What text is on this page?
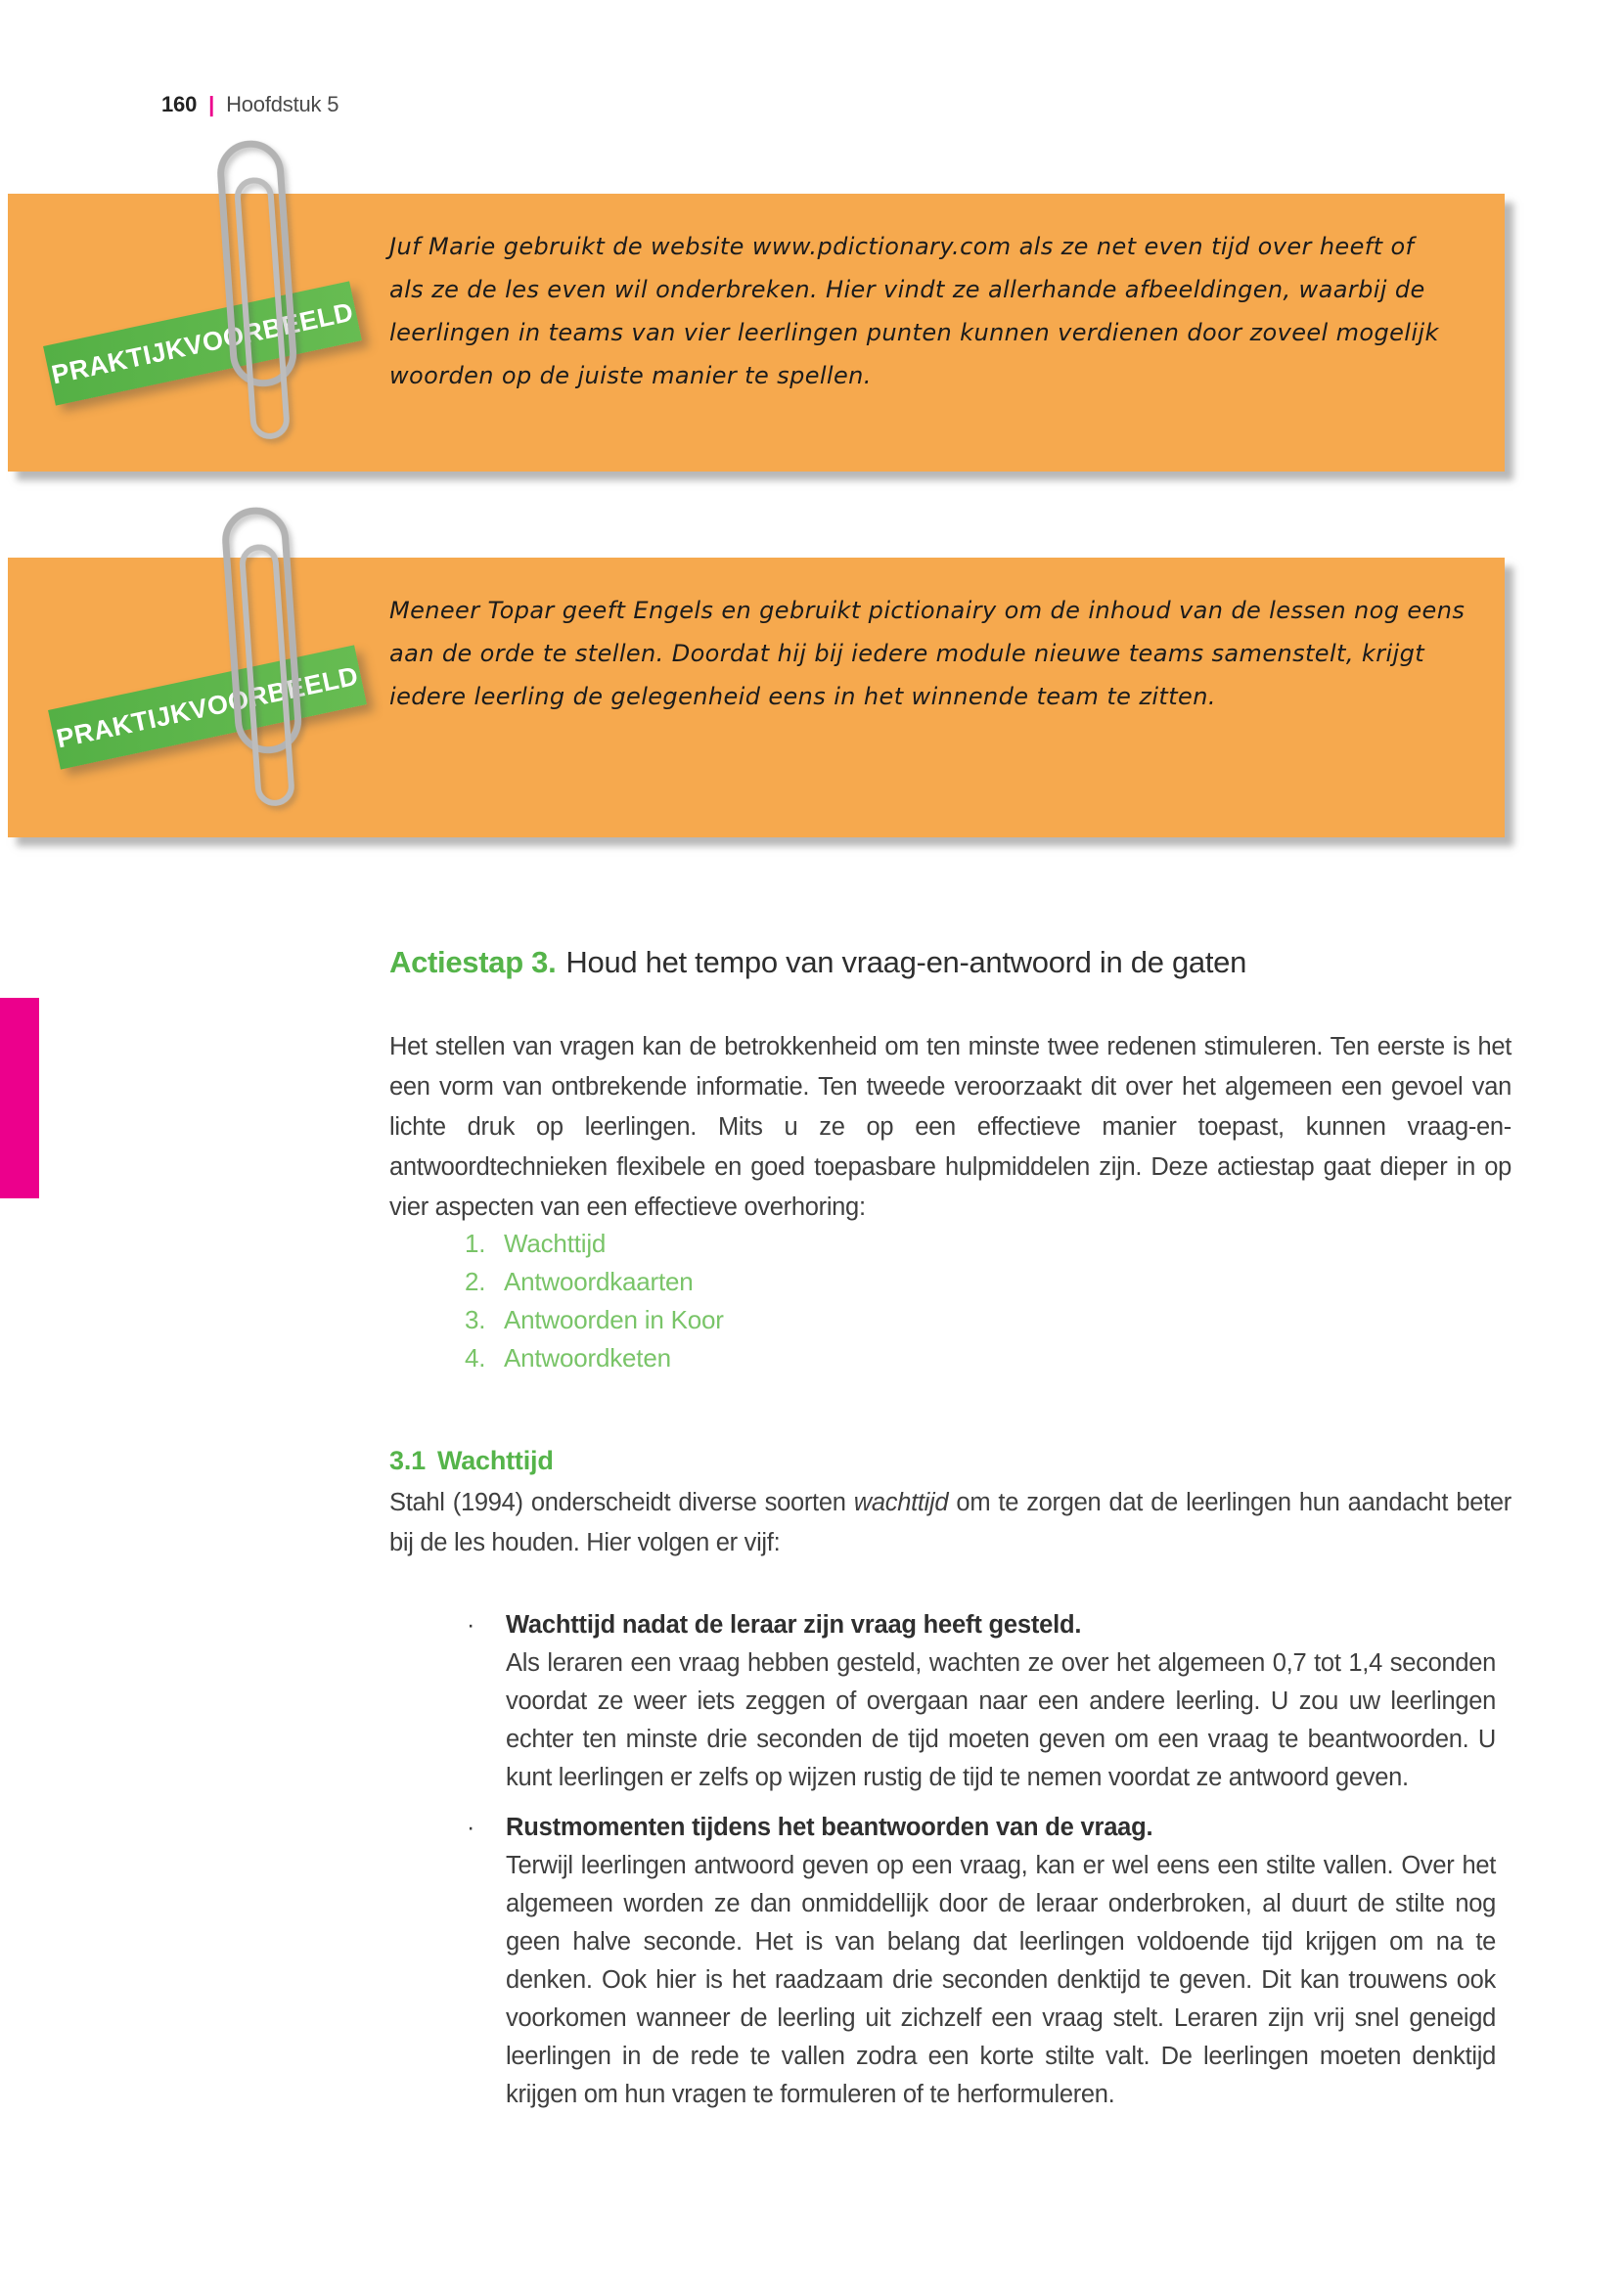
160 | Hoofdstuk 5
Juf Marie gebruikt de website www.pdictionary.com als ze net even tijd over heeft of
als ze de les even wil onderbreken. Hier vindt ze allerhande afbeeldingen, waarbij de
leerlingen in teams van vier leerlingen punten kunnen verdienen door zoveel mogelijk
woorden op de juiste manier te spellen.
Meneer Topar geeft Engels en gebruikt pictionairy om de inhoud van de lessen nog eens
aan de orde te stellen. Doordat hij bij iedere module nieuwe teams samenstelt, krijgt
iedere leerling de gelegenheid eens in het winnende team te zitten.
PRAKTIJKVOORBEELD
PRAKTIJKVOORBEELD
Actiestap 3. Houd het tempo van vraag-en-antwoord in de gaten

Het stellen van vragen kan de betrokkenheid om ten minste twee redenen stimuleren. Ten eerste is het een vorm van ontbrekende informatie. Ten tweede veroorzaakt dit over het algemeen een gevoel van lichte druk op leerlingen. Mits u ze op een effectieve manier toepast, kunnen vraag-en-antwoordtechnieken flexibele en goed toepasbare hulpmiddelen zijn. Deze actiestap gaat dieper in op vier aspecten van een effectieve overhoring:

1. Wachttijd
2. Antwoordkaarten
3. Antwoorden in Koor
4. Antwoordketen
3.1 Wachttijd

Stahl (1994) onderscheidt diverse soorten wachttijd om te zorgen dat de leerlingen hun aandacht beter bij de les houden. Hier volgen er vijf:

· Wachttijd nadat de leraar zijn vraag heeft gesteld.
Als leraren een vraag hebben gesteld, wachten ze over het algemeen 0,7 tot 1,4 seconden voordat ze weer iets zeggen of overgaan naar een andere leerling. U zou uw leerlingen echter ten minste drie seconden de tijd moeten geven om een vraag te beantwoorden. U kunt leerlingen er zelfs op wijzen rustig de tijd te nemen voordat ze antwoord geven.
· Rustmomenten tijdens het beantwoorden van de vraag.
Terwijl leerlingen antwoord geven op een vraag, kan er wel eens een stilte vallen. Over het algemeen worden ze dan onmiddellijk door de leraar onderbroken, al duurt de stilte nog geen halve seconde. Het is van belang dat leerlingen voldoende tijd krijgen om na te denken. Ook hier is het raadzaam drie seconden denktijd te geven. Dit kan trouwens ook voorkomen wanneer de leerling uit zichzelf een vraag stelt. Leraren zijn vrij snel geneigd leerlingen in de rede te vallen zodra een korte stilte valt. De leerlingen moeten denktijd krijgen om hun vragen te formuleren of te herformuleren.
